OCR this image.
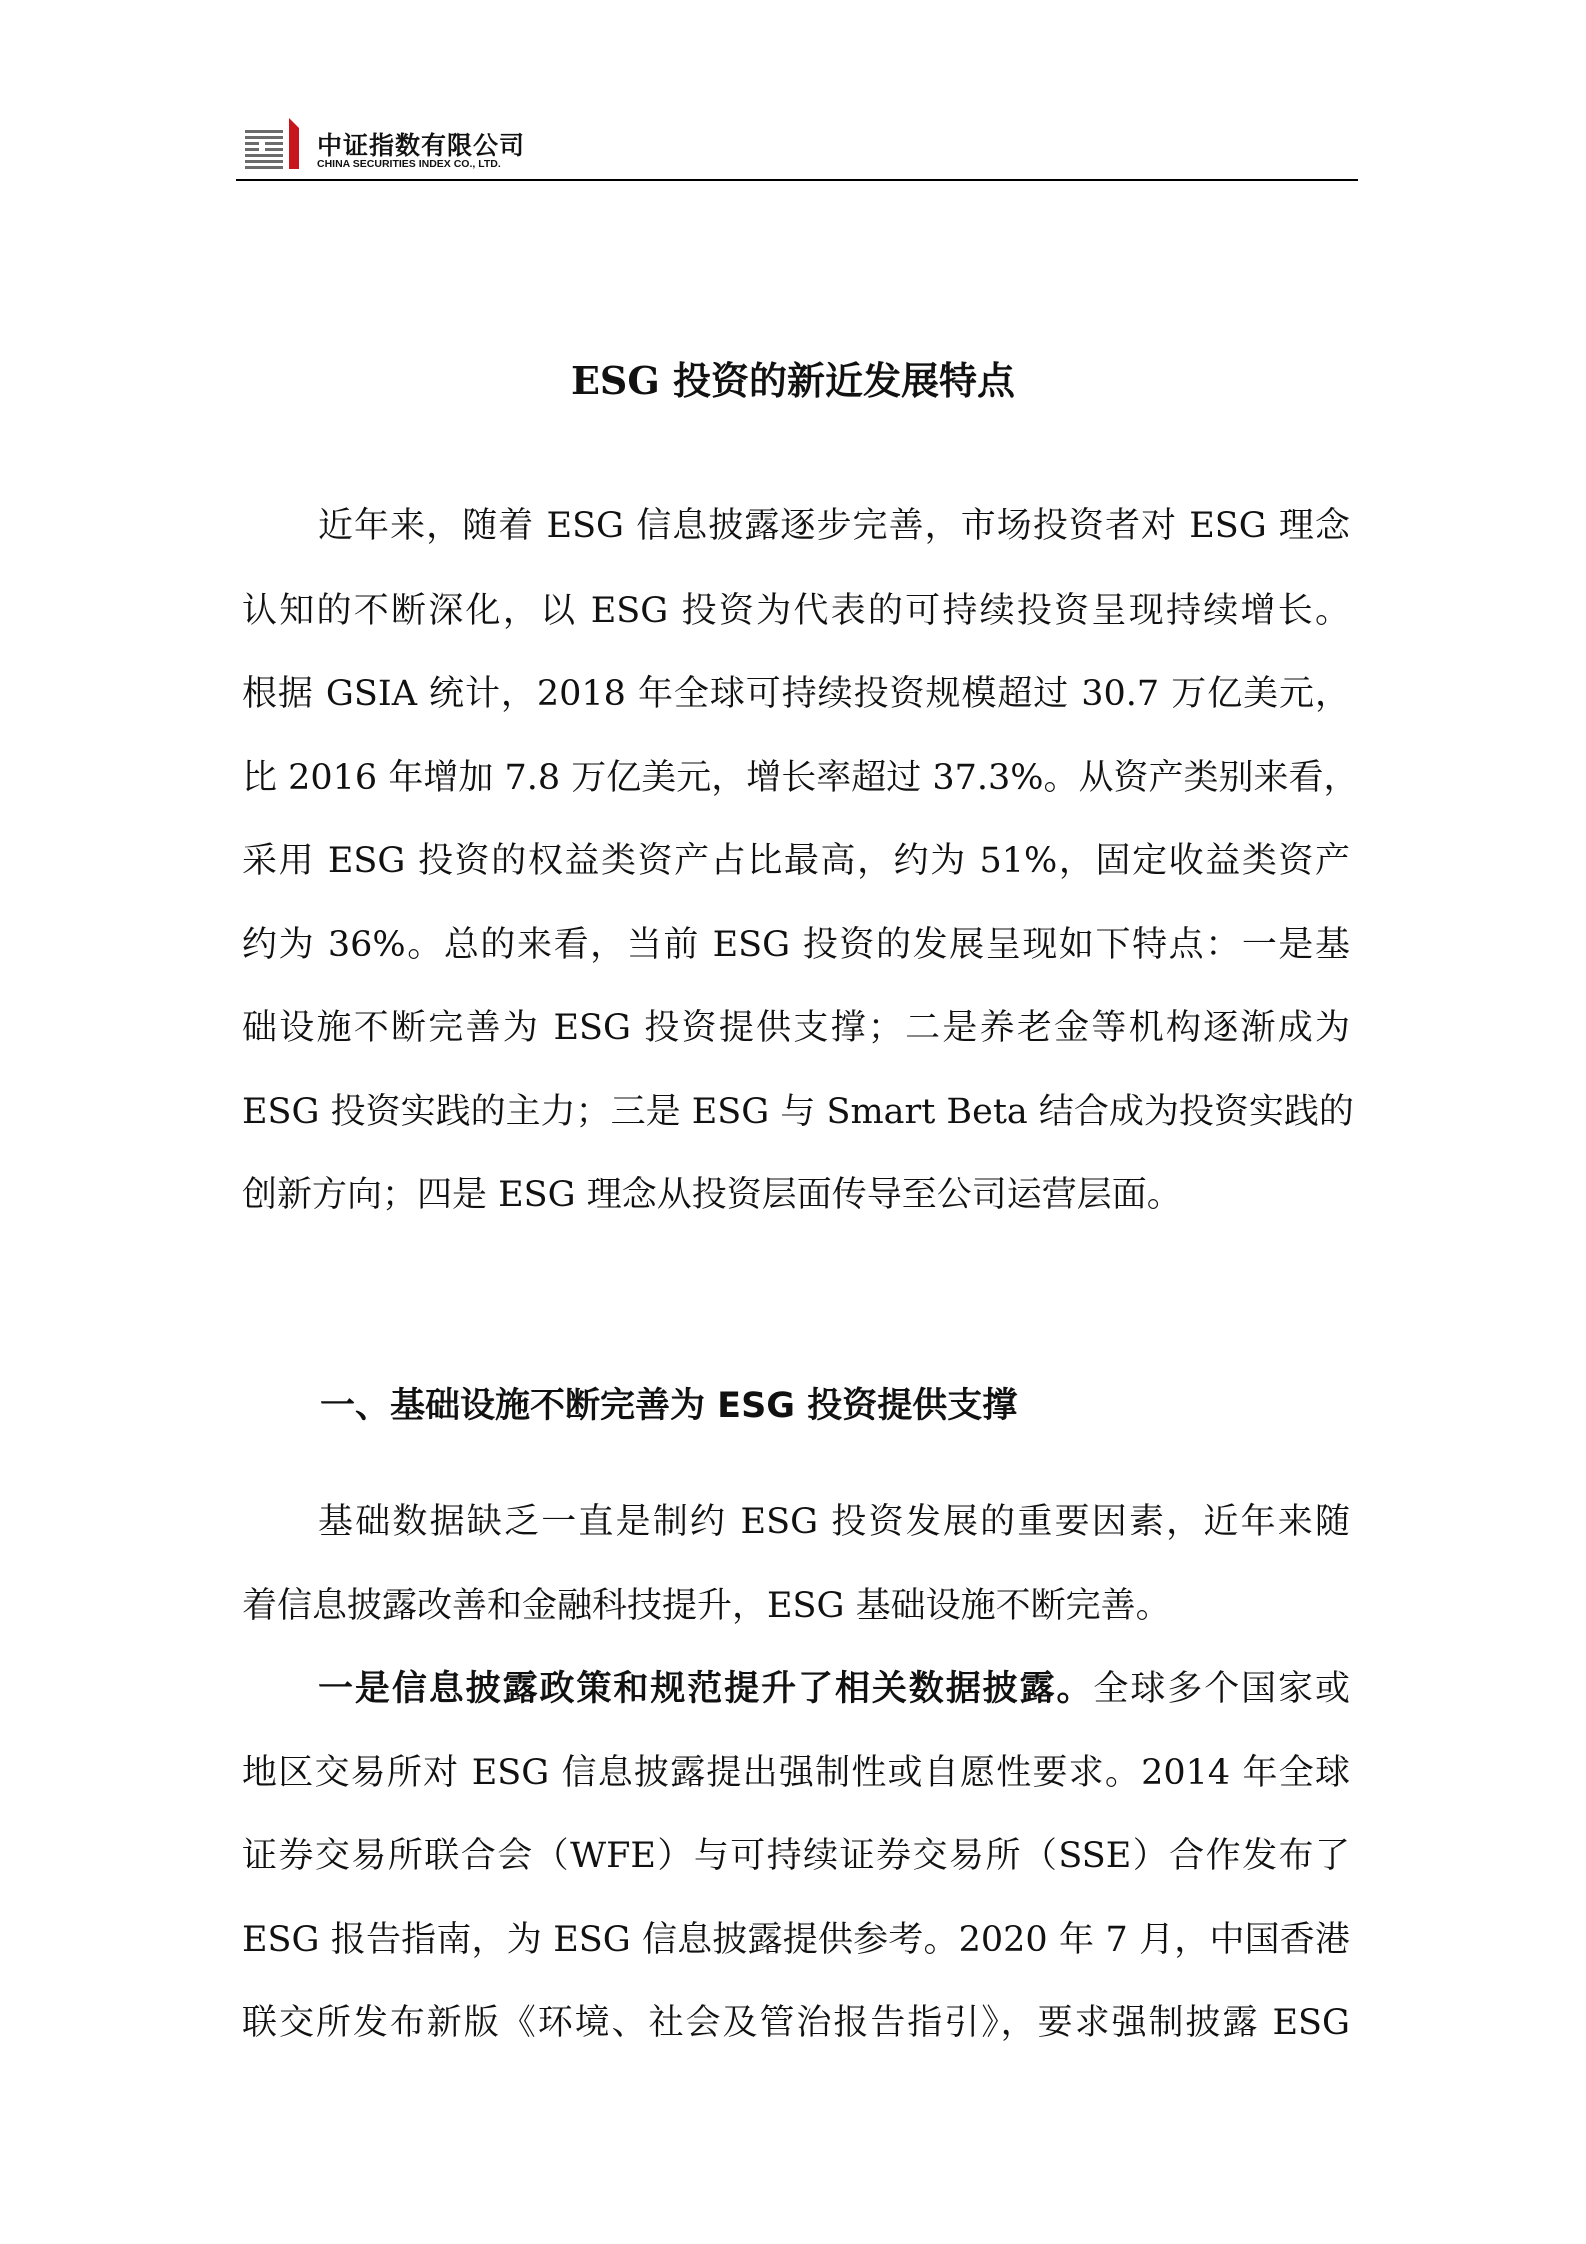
中证指数有限公司
CHINA SECURITIES INDEX CO., LTD.
ESG 投资的新近发展特点
近年来，随着 ESG 信息披露逐步完善，市场投资者对 ESG 理念
认知的不断深化，以 ESG 投资为代表的可持续投资呈现持续增长。
根据 GSIA 统计，2018 年全球可持续投资规模超过 30.7 万亿美元，
比 2016 年增加 7.8 万亿美元，增长率超过 37.3%。从资产类别来看，
采用 ESG 投资的权益类资产占比最高，约为 51%，固定收益类资产
约为 36%。总的来看，当前 ESG 投资的发展呈现如下特点：一是基
础设施不断完善为 ESG 投资提供支撑；二是养老金等机构逐渐成为
ESG 投资实践的主力；三是 ESG 与 Smart Beta 结合成为投资实践的
创新方向；四是 ESG 理念从投资层面传导至公司运营层面。
一、基础设施不断完善为 ESG 投资提供支撑
基础数据缺乏一直是制约 ESG 投资发展的重要因素，近年来随
着信息披露改善和金融科技提升，ESG 基础设施不断完善。
一是信息披露政策和规范提升了相关数据披露。全球多个国家或
地区交易所对 ESG 信息披露提出强制性或自愿性要求。2014 年全球
证券交易所联合会（WFE）与可持续证券交易所（SSE）合作发布了
ESG 报告指南，为 ESG 信息披露提供参考。2020 年 7 月，中国香港
联交所发布新版《环境、社会及管治报告指引》，要求强制披露 ESG
